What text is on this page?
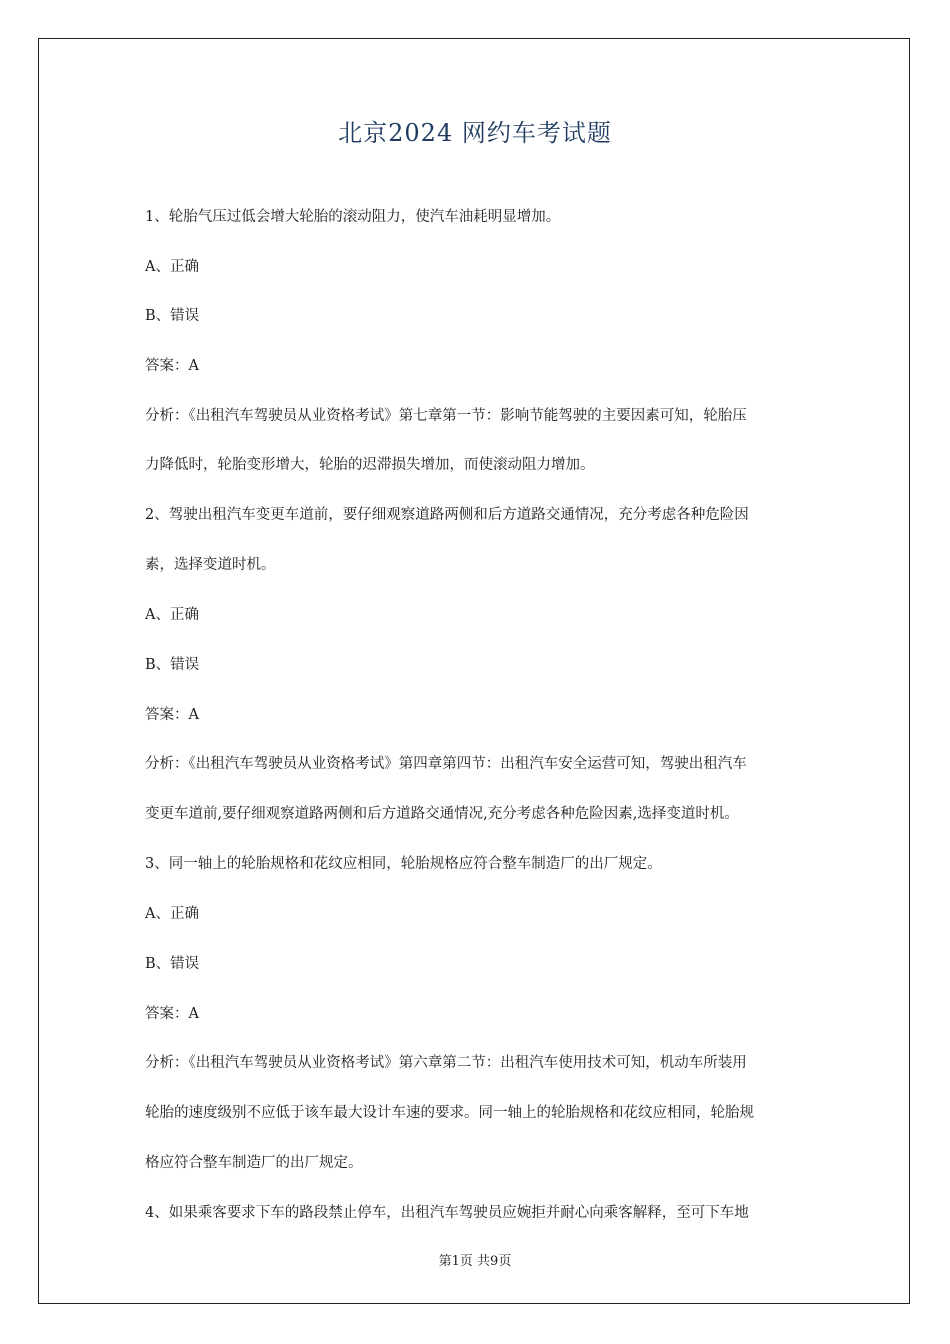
北京2024 网约车考试题
1、轮胎气压过低会增大轮胎的滚动阻力，使汽车油耗明显增加。
A、正确
B、错误
答案：A
分析：《出租汽车驾驶员从业资格考试》第七章第一节：影响节能驾驶的主要因素可知，轮胎压
力降低时，轮胎变形增大，轮胎的迟滞损失增加，而使滚动阻力增加。
2、驾驶出租汽车变更车道前，要仔细观察道路两侧和后方道路交通情况，充分考虑各种危险因
素，选择变道时机。
A、正确
B、错误
答案：A
分析：《出租汽车驾驶员从业资格考试》第四章第四节：出租汽车安全运营可知，驾驶出租汽车
变更车道前,要仔细观察道路两侧和后方道路交通情况,充分考虑各种危险因素,选择变道时机。
3、同一轴上的轮胎规格和花纹应相同，轮胎规格应符合整车制造厂的出厂规定。
A、正确
B、错误
答案：A
分析：《出租汽车驾驶员从业资格考试》第六章第二节：出租汽车使用技术可知，机动车所装用
轮胎的速度级别不应低于该车最大设计车速的要求。同一轴上的轮胎规格和花纹应相同，轮胎规
格应符合整车制造厂的出厂规定。
4、如果乘客要求下车的路段禁止停车，出租汽车驾驶员应婉拒并耐心向乘客解释，至可下车地
第1页 共9页
